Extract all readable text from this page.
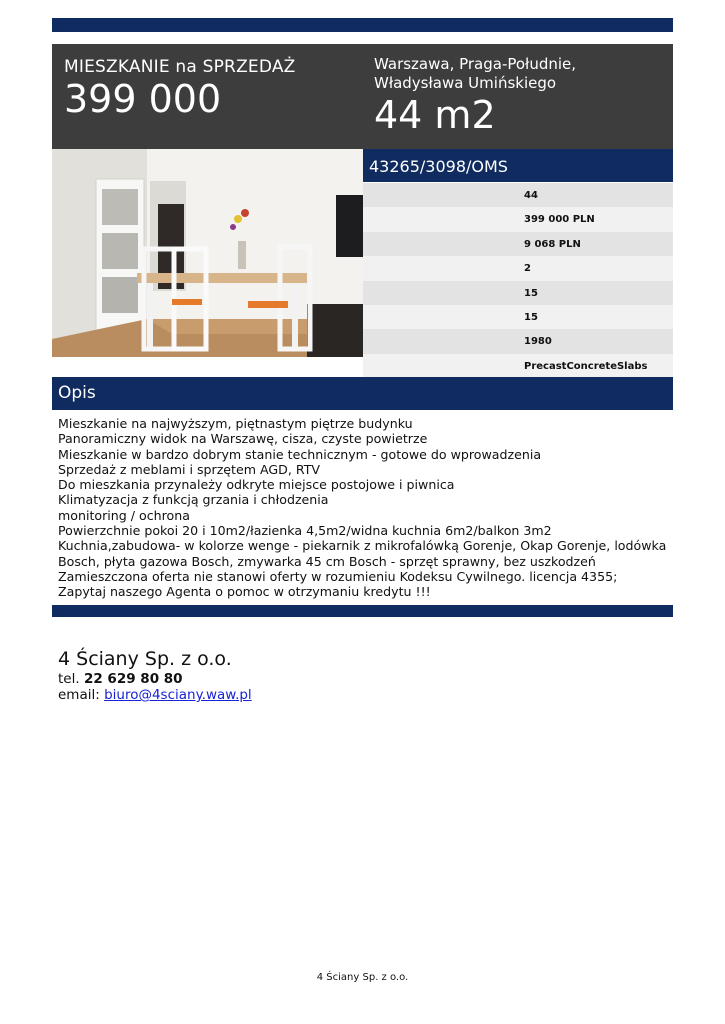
MIESZKANIE na SPRZEDAŻ
399 000
Warszawa, Praga-Południe,
Władysława Umińskiego
44 m2
43265/3098/OMS
44
399 000 PLN
9 068 PLN
2
15
15
1980
PrecastConcreteSlabs
Opis
Mieszkanie na najwyższym, piętnastym piętrze budynku
Panoramiczny widok na Warszawę, cisza, czyste powietrze
Mieszkanie w bardzo dobrym stanie technicznym - gotowe do wprowadzenia
Sprzedaż z meblami i sprzętem AGD, RTV
Do mieszkania przynależy odkryte miejsce postojowe i piwnica
Klimatyzacja z funkcją grzania i chłodzenia
monitoring / ochrona
Powierzchnie pokoi 20 i 10m2/łazienka 4,5m2/widna kuchnia 6m2/balkon 3m2
Kuchnia,zabudowa- w kolorze wenge - piekarnik z mikrofalówką Gorenje, Okap Gorenje, lodówka
Bosch, płyta gazowa Bosch, zmywarka 45 cm Bosch - sprzęt sprawny, bez uszkodzeń
Zamieszczona oferta nie stanowi oferty w rozumieniu Kodeksu Cywilnego. licencja 4355;
Zapytaj naszego Agenta o pomoc w otrzymaniu kredytu !!!
4 Ściany Sp. z o.o.
tel. 22 629 80 80
email: biuro@4sciany.waw.pl
4 Ściany Sp. z o.o.
